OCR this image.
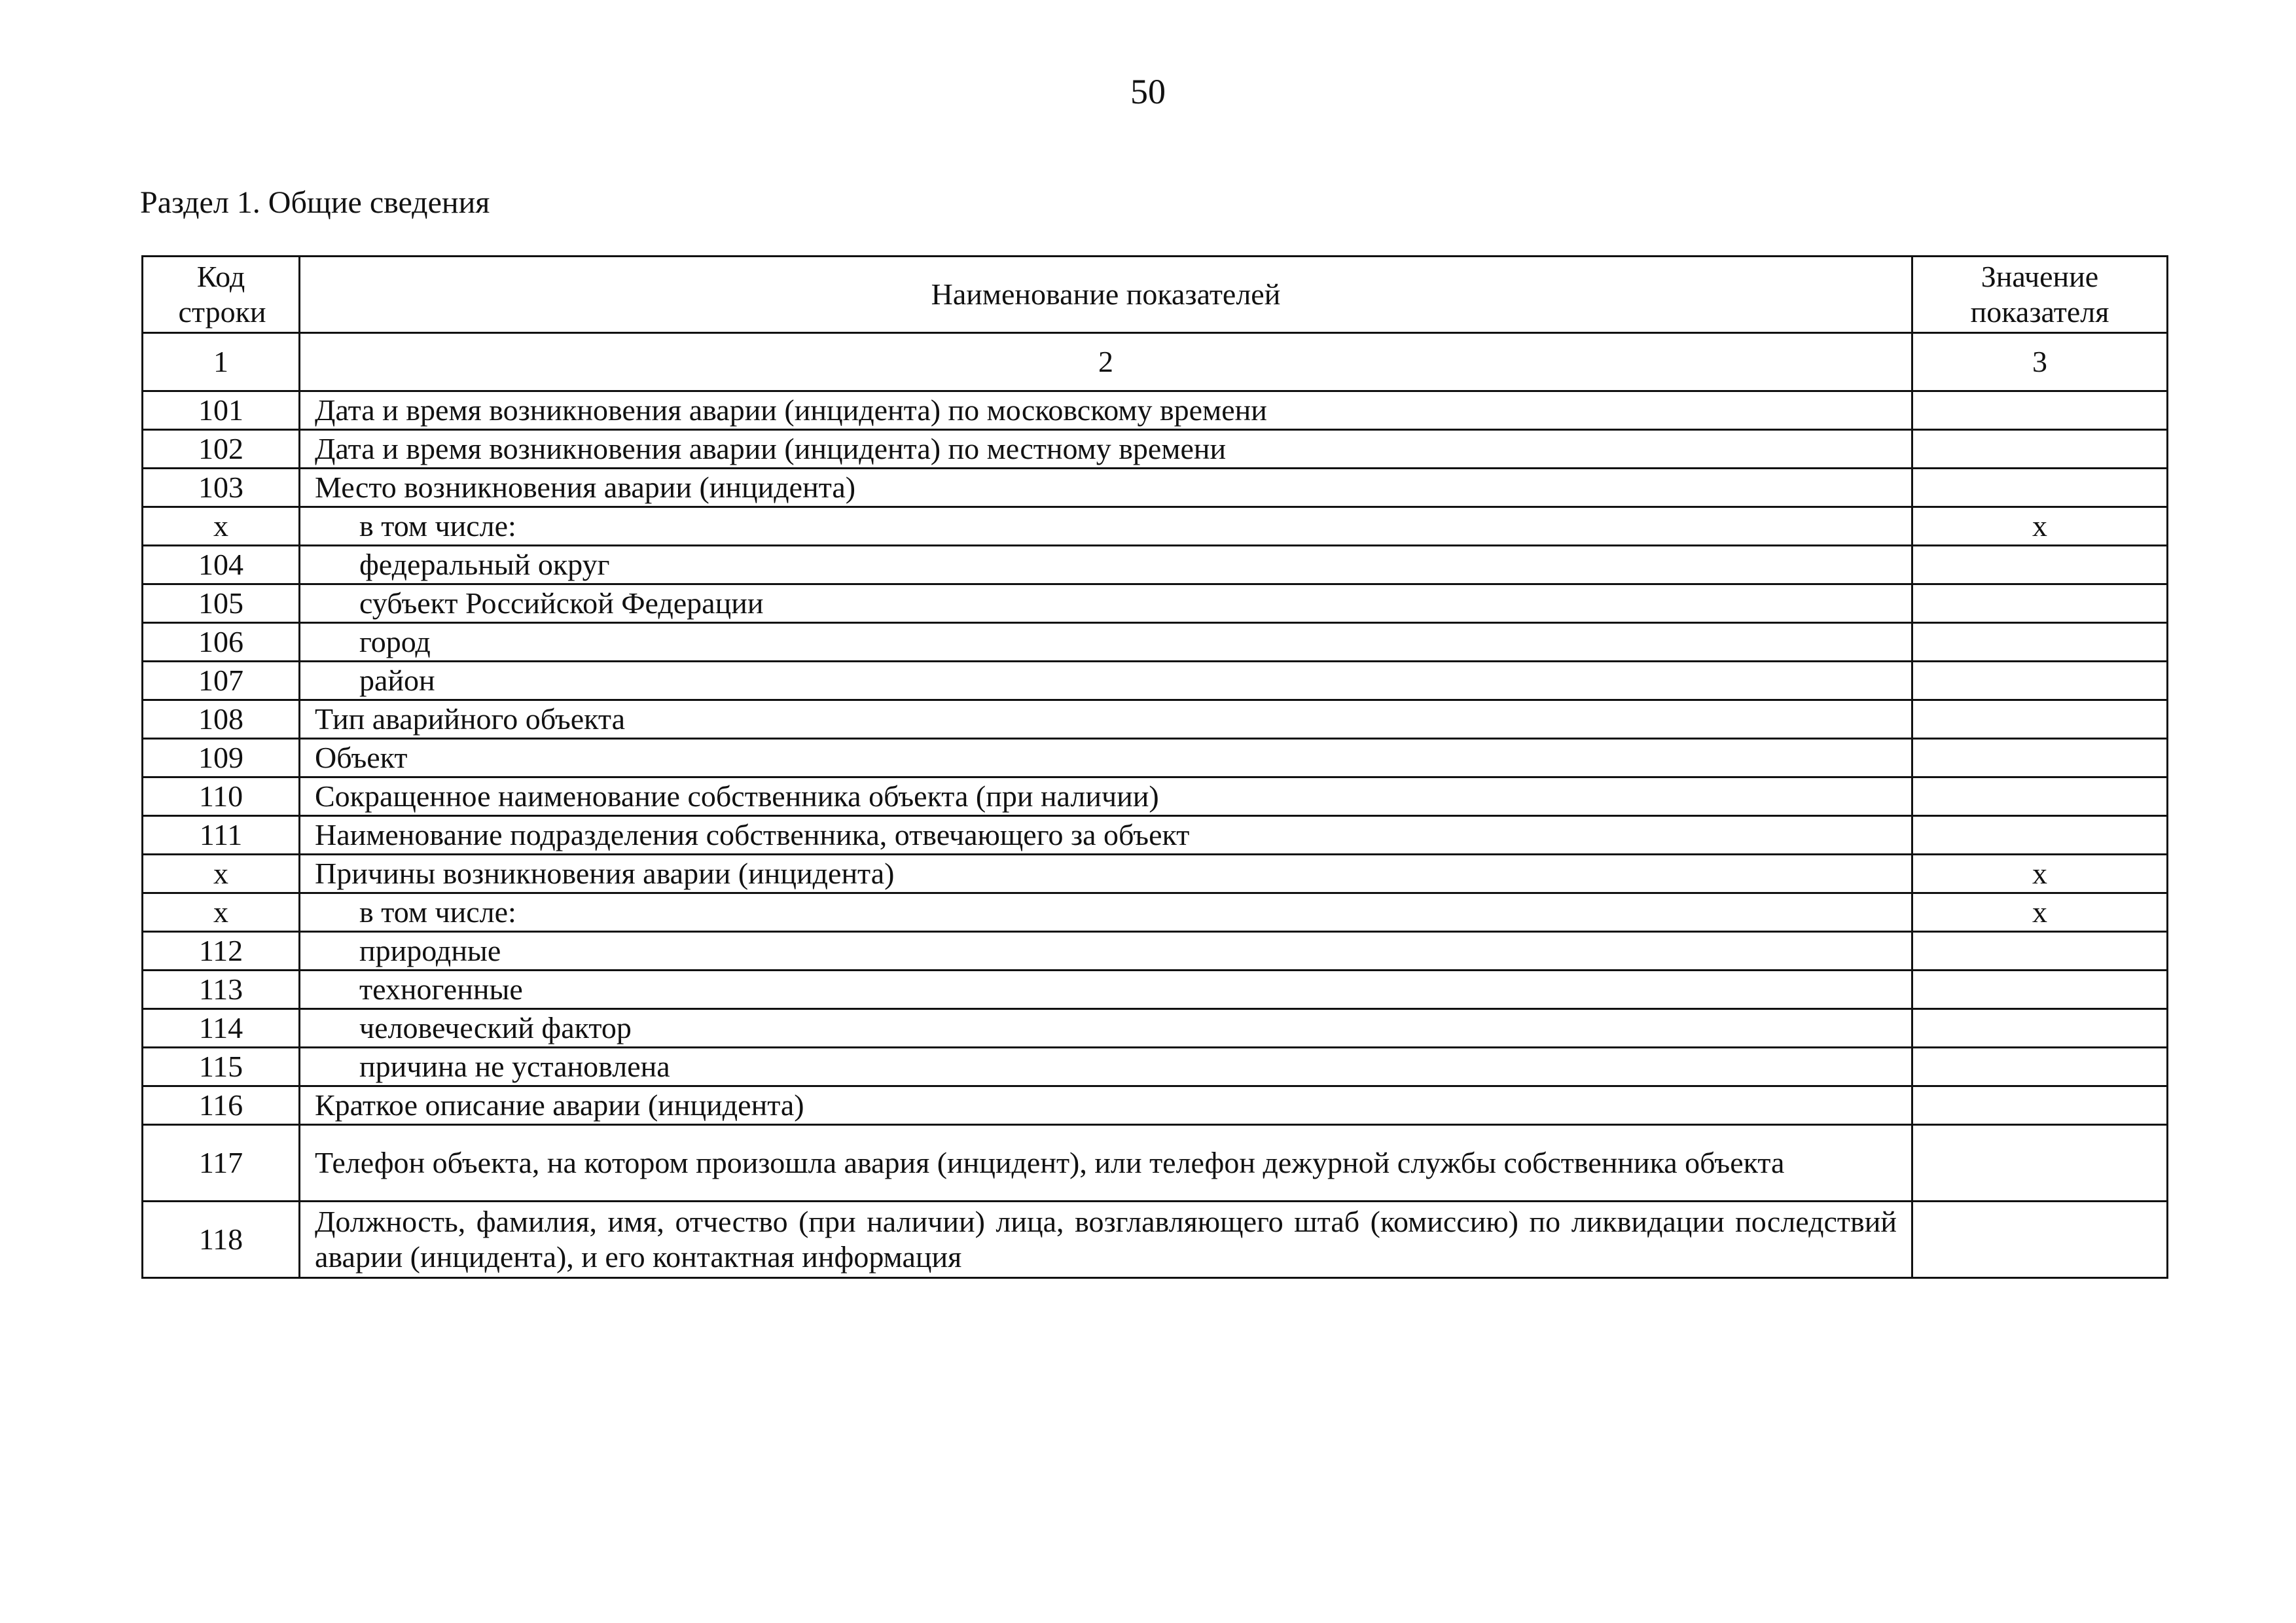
50
Раздел 1. Общие сведения
Код строки	Наименование показателей	Значение показателя
1	2	3
101	Дата и время возникновения аварии (инцидента) по московскому времени	
102	Дата и время возникновения аварии (инцидента) по местному времени	
103	Место возникновения аварии (инцидента)	
х	в том числе:	х
104	федеральный округ	
105	субъект Российской Федерации	
106	город	
107	район	
108	Тип аварийного объекта	
109	Объект	
110	Сокращенное наименование собственника объекта (при наличии)	
111	Наименование подразделения собственника, отвечающего за объект	
х	Причины возникновения аварии (инцидента)	х
х	в том числе:	х
112	природные	
113	техногенные	
114	человеческий фактор	
115	причина не установлена	
116	Краткое описание аварии (инцидента)	
117	Телефон объекта, на котором произошла авария (инцидент), или телефон дежурной службы собственника объекта	
118	Должность, фамилия, имя, отчество (при наличии) лица, возглавляющего штаб (комиссию) по ликвидации последствий аварии (инцидента), и его контактная информация	
